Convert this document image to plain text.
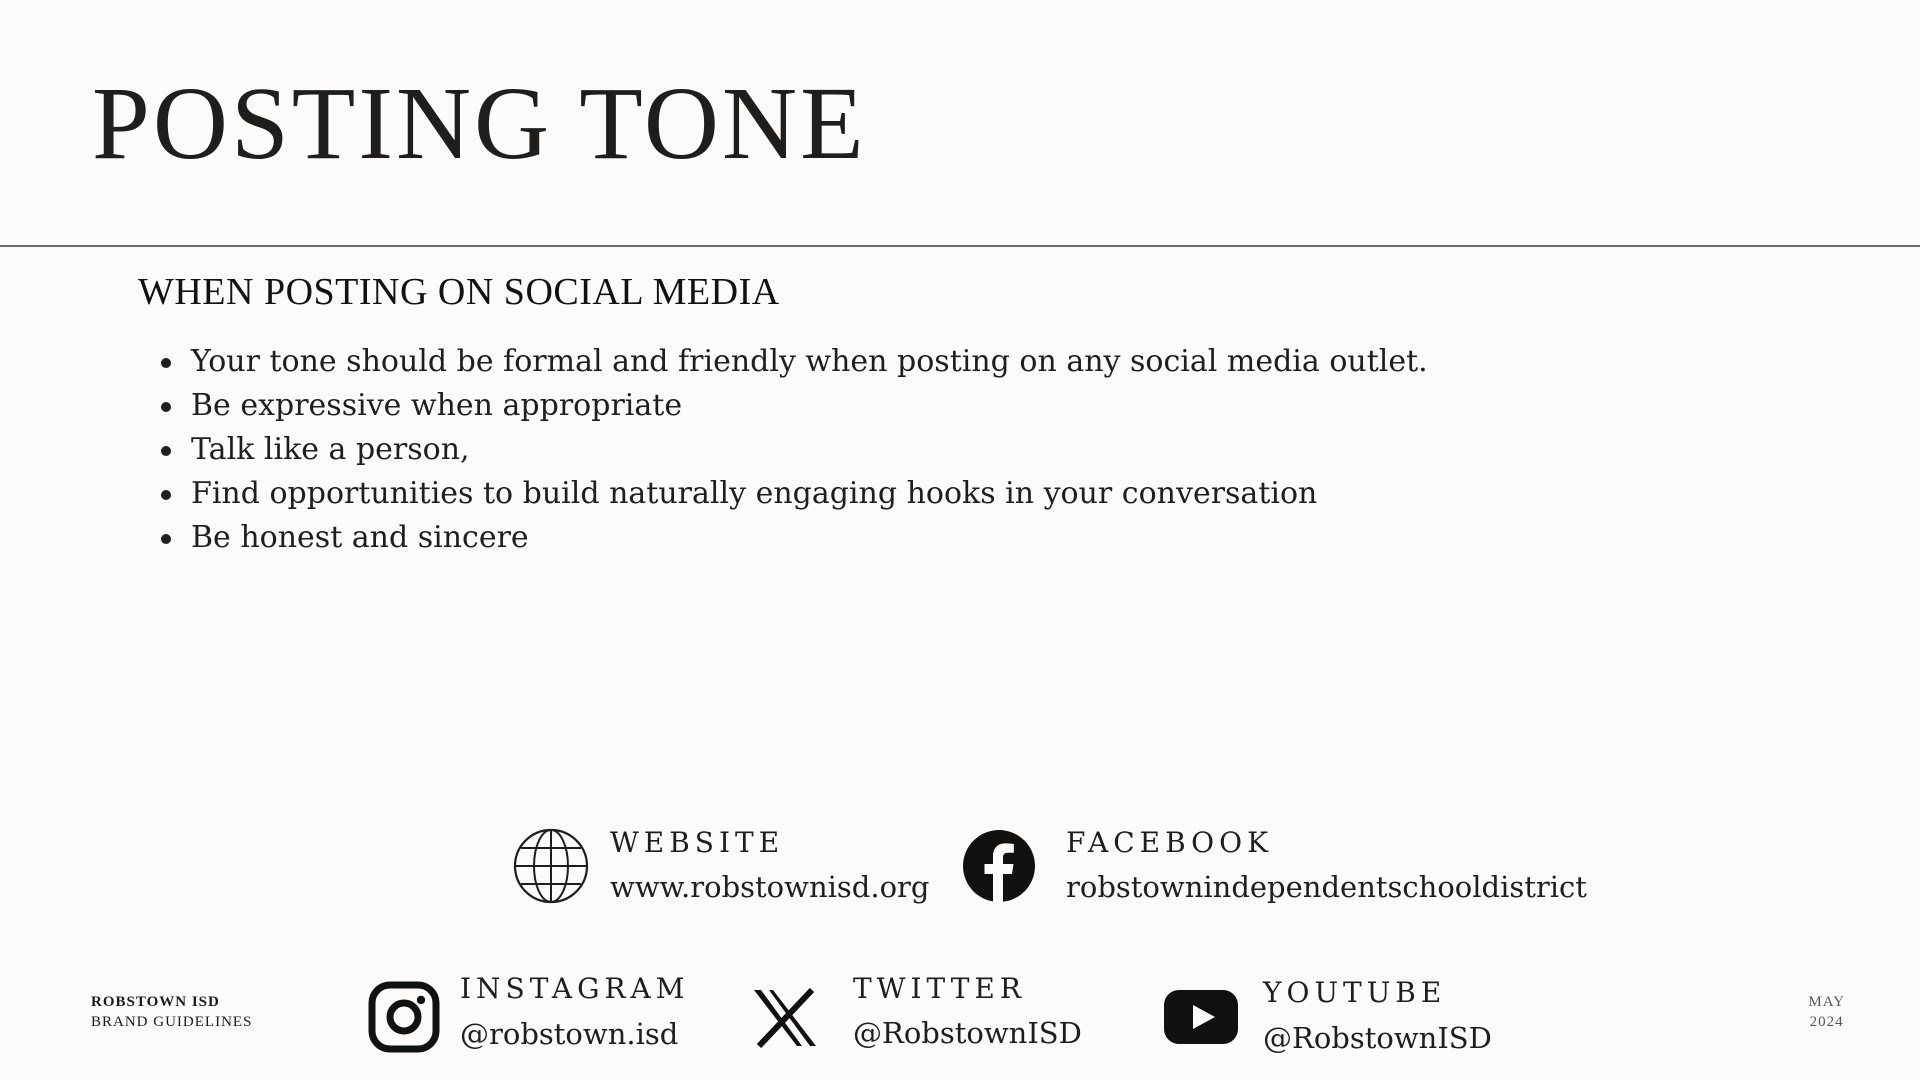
POSTING TONE
WHEN POSTING ON SOCIAL MEDIA
Your tone should be formal and friendly when posting on any social media outlet.
Be expressive when appropriate
Talk like a person,
Find opportunities to build naturally engaging hooks in your conversation
Be honest and sincere
WEBSITE
www.robstownisd.org
FACEBOOK
robstownindependentschooldistrict
INSTAGRAM
@robstown.isd
TWITTER
@RobstownISD
YOUTUBE
@RobstownISD
ROBSTOWN ISD
BRAND GUIDELINES
MAY
2024
